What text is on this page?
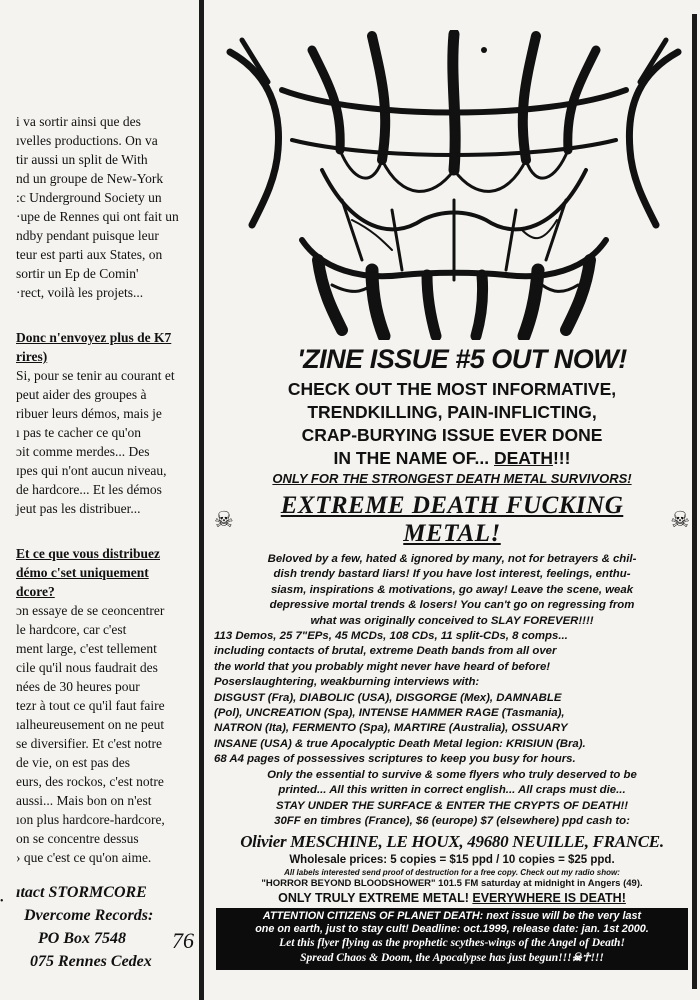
i va sortir ainsi que des

ıvelles productions. On va

tir aussi un split de With

nd un groupe de New-York

:c Underground Society un

·upe de Rennes qui ont fait un

ndby pendant puisque leur

teur est parti aux States, on

sortir un Ep de Comin'

·rect, voilà les projets...

Donc n'envoyez plus de K7

rires)

Si, pour se tenir au courant et

peut aider des groupes à

ribuer leurs démos, mais je

ı pas te cacher ce qu'on

ɔit comme merdes... Des

ɪpes qui n'ont aucun niveau,

de hardcore... Et les démos

jeut pas les distribuer...

Et ce que vous distribuez

démo c'set uniquement

dcore?

ɔn essaye de se ceoncentrer

le hardcore, car c'est

ment large, c'est tellement

cile qu'il nous faudrait des

nées de 30 heures pour

tezr à tout ce qu'il faut faire

ıalheureusement on ne peut

se diversifier. Et c'est notre

de vie, on est pas des

eurs, des rockos, c'est notre

aussi... Mais bon on n'est

ıon plus hardcore-hardcore,

on se concentre dessus

› que c'est ce qu'on aime.

ıtact STORMCORE
Dvercome Records:
PO Box 7548
075 Rennes Cedex
76
•
'ZINE ISSUE #5 OUT NOW!
CHECK OUT THE MOST INFORMATIVE,
TRENDKILLING, PAIN-INFLICTING,
CRAP-BURYING ISSUE EVER DONE
IN THE NAME OF... DEATH!!!
ONLY FOR THE STRONGEST DEATH METAL SURVIVORS!
☠
EXTREME DEATH FUCKING METAL!
☠
Beloved by a few, hated & ignored by many, not for betrayers & chil-
dish trendy bastard liars! If you have lost interest, feelings, enthu-
siasm, inspirations & motivations, go away! Leave the scene, weak
depressive mortal trends & losers! You can't go on regressing from
what was originally conceived to SLAY FOREVER!!!!
113 Demos, 25 7"EPs, 45 MCDs, 108 CDs, 11 split-CDs, 8 comps...
including contacts of brutal, extreme Death bands from all over
the world that you probably might never have heard of before!
Poserslaughtering, weakburning interviews with:
DISGUST (Fra), DIABOLIC (USA), DISGORGE (Mex), DAMNABLE
(Pol), UNCREATION (Spa), INTENSE HAMMER RAGE (Tasmania),
NATRON (Ita), FERMENTO (Spa), MARTIRE (Australia), OSSUARY
INSANE (USA) & true Apocalyptic Death Metal legion: KRISIUN (Bra).
68 A4 pages of possessives scriptures to keep you busy for hours.
Only the essential to survive & some flyers who truly deserved to be
printed... All this written in correct english... All craps must die...
STAY UNDER THE SURFACE & ENTER THE CRYPTS OF DEATH!!
30FF en timbres (France), $6 (europe) $7 (elsewhere) ppd cash to:
Olivier MESCHINE, LE HOUX, 49680 NEUILLE, FRANCE.
Wholesale prices: 5 copies = $15 ppd / 10 copies = $25 ppd.
All labels interested send proof of destruction for a free copy. Check out my radio show:
"HORROR BEYOND BLOODSHOWER" 101.5 FM saturday at midnight in Angers (49).
ONLY TRULY EXTREME METAL! EVERYWHERE IS DEATH!
ATTENTION CITIZENS OF PLANET DEATH: next issue will be the very last
one on earth, just to stay cult! Deadline: oct.1999, release date: jan. 1st 2000.
Let this flyer flying as the prophetic scythes-wings of the Angel of Death!
Spread Chaos & Doom, the Apocalypse has just begun!!!☠☥!!!
